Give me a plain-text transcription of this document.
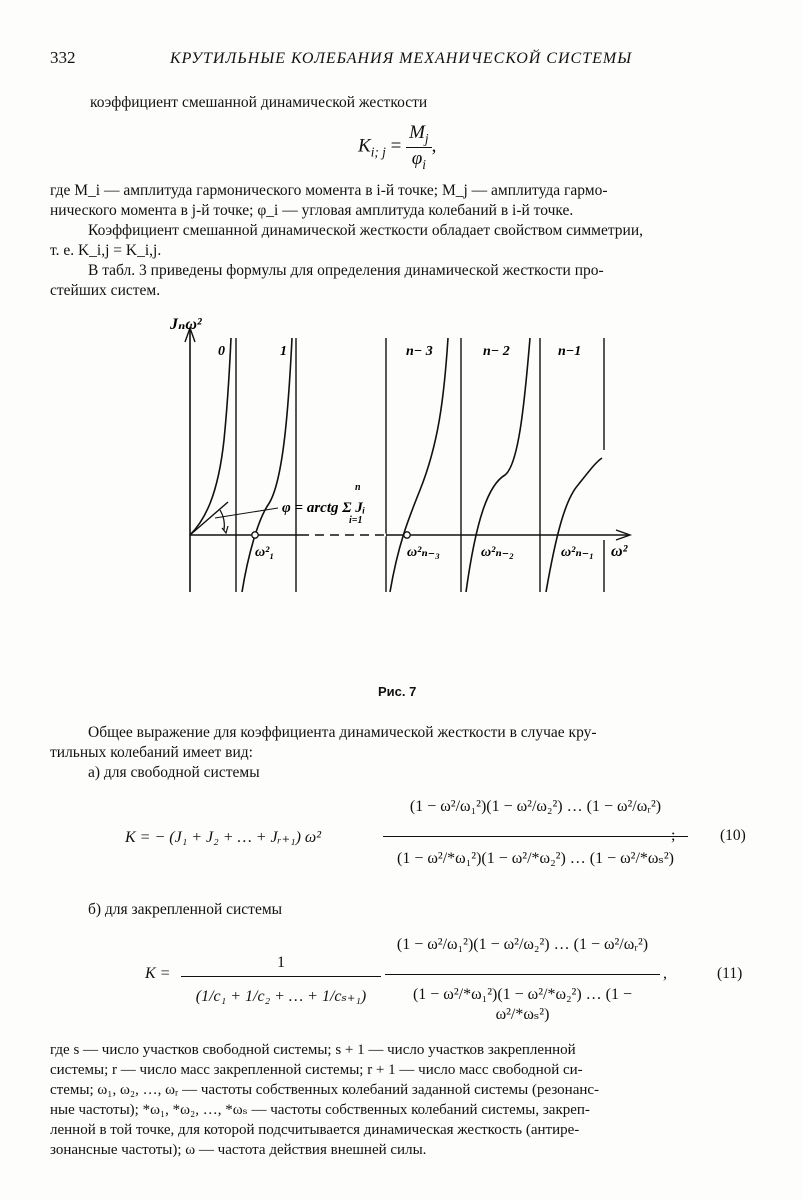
332	КРУТИЛЬНЫЕ КОЛЕБАНИЯ МЕХАНИЧЕСКОЙ СИСТЕМЫ
коэффициент смешанной динамической жесткости
$K_{i; j} = \frac{M_j}{\varphi_i}$ ,
где M_i — амплитуда гармонического момента в i-й точке; M_j — амплитуда гармо-
нического момента в j-й точке; φ_i — угловая амплитуда колебаний в i-й точке.
Коэффициент смешанной динамической жесткости обладает свойством симметрии,
т. е. K_i,j = K_i,j.
В табл. 3 приведены формулы для определения динамической жесткости про-
стейших систем.
Jₙω²
ω²
0	1	n− 3	n− 2	n−1
ω²₁	ω²ₙ₋₃	ω²ₙ₋₂	ω²ₙ₋₁
φ = arctg Σ Jᵢ
n
i=1
Рис. 7
Общее выражение для коэффициента динамической жесткости в случае кру-
тильных колебаний имеет вид:
а) для свободной системы
K = − (J₁ + J₂ + … + Jᵣ₊₁) ω²
(1 − ω²/ω₁²)(1 − ω²/ω₂²) … (1 − ω²/ωᵣ²)
(1 − ω²/*ω₁²)(1 − ω²/*ω₂²) … (1 − ω²/*ωₛ²)
;	(10)
б) для закрепленной системы
K =
1
(1/c₁ + 1/c₂ + … + 1/cₛ₊₁)
(1 − ω²/ω₁²)(1 − ω²/ω₂²) … (1 − ω²/ωᵣ²)
(1 − ω²/*ω₁²)(1 − ω²/*ω₂²) … (1 − ω²/*ωₛ²)
,	(11)
где s — число участков свободной системы; s + 1 — число участков закрепленной
системы; r — число масс закрепленной системы; r + 1 — число масс свободной си-
стемы; ω₁, ω₂, …, ωᵣ — частоты собственных колебаний заданной системы (резонанс-
ные частоты); *ω₁, *ω₂, …, *ωₛ — частоты собственных колебаний системы, закреп-
ленной в той точке, для которой подсчитывается динамическая жесткость (антире-
зонансные частоты); ω — частота действия внешней силы.
